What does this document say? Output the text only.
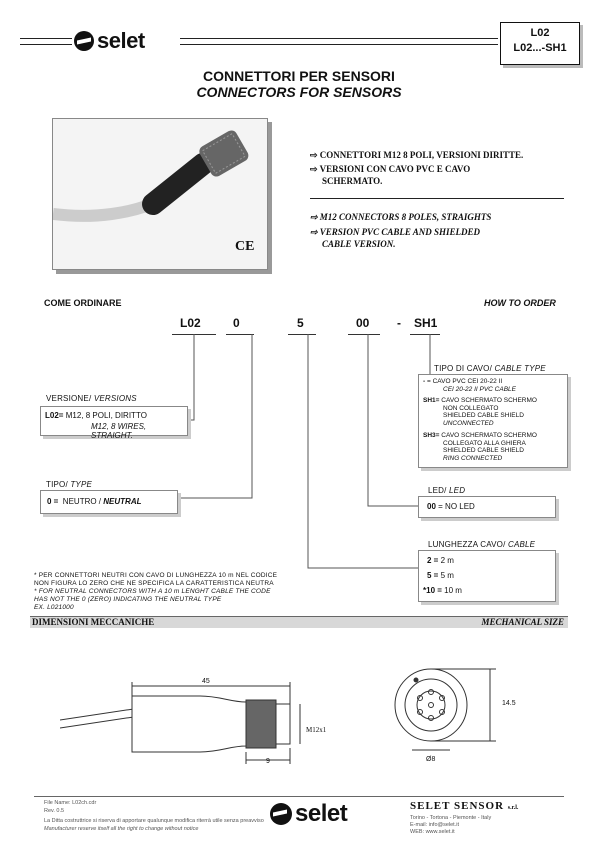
selet	L02
L02...-SH1
CONNETTORI PER SENSORI
CONNECTORS FOR SENSORS
CE
⇨ CONNETTORI M12 8 POLI, VERSIONI DIRITTE.
⇨ VERSIONI CON CAVO PVC E CAVO
SCHERMATO.
⇨ M12 CONNECTORS 8 POLES, STRAIGHTS
⇨ VERSION PVC CABLE AND SHIELDED
CABLE VERSION.
COME ORDINARE	HOW TO ORDER
L02	0	5	00 - SH1
VERSIONE/ VERSIONS
L02= M12, 8 POLI, DIRITTO
M12, 8 WIRES, STRAIGHT.
TIPO/ TYPE
0 = NEUTRO / NEUTRAL
TIPO DI CAVO/ CABLE TYPE
- = CAVO PVC CEI 20-22 II
CEI 20-22 II PVC CABLE
SH1= CAVO SCHERMATO SCHERMO
NON COLLEGATO
SHIELDED CABLE SHIELD
UNCONNECTED
SH3= CAVO SCHERMATO SCHERMO
COLLEGATO ALLA GHIERA
SHIELDED CABLE SHIELD
RING CONNECTED
LED/ LED
00 = NO LED
LUNGHEZZA CAVO/ CABLE
2 = 2 m
5 = 5 m
*10 = 10 m
* PER CONNETTORI NEUTRI CON CAVO DI LUNGHEZZA 10 m NEL CODICE
NON FIGURA LO ZERO CHE NE SPECIFICA LA CARATTERISTICA NEUTRA
* FOR NEUTRAL CONNECTORS WITH A 10 m LENGHT CABLE THE CODE
HAS NOT THE 0 (ZERO) INDICATING THE NEUTRAL TYPE
EX. L021000
DIMENSIONI MECCANICHE	MECHANICAL SIZE
45
M12x1
9
14.5
Ø8
File Name: L02ch.cdr
Rev. 0.5
La Ditta costruttrice si riserva di apportare qualunque modifica riterrà utile senza preavviso
Manufacturer reserve itself all the right to change without notice
selet	SELET SENSOR s.r.l.
Torino - Tortona - Piemonte - Italy
E-mail: info@selet.it
WEB: www.selet.it
